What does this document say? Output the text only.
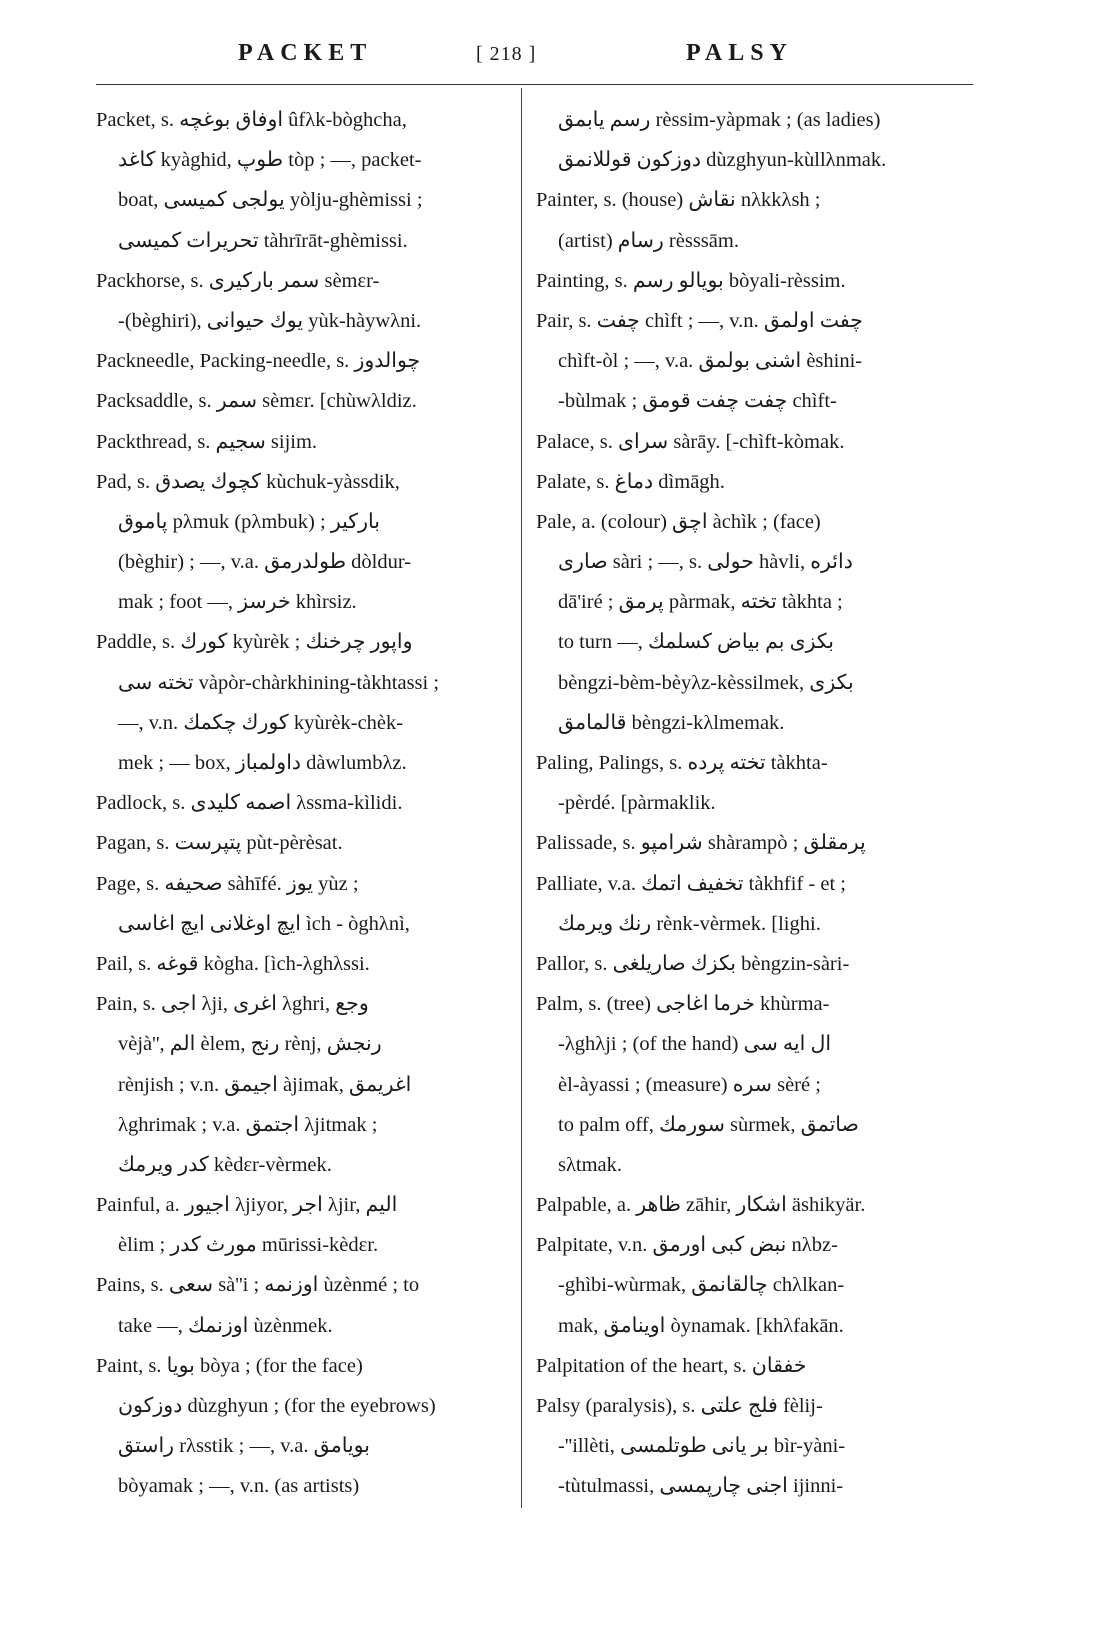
PACKET	[ 218 ]	PALSY
Packet, s. اوفاق بوغچه ûfλk-bòghcha,
كاغد kyàghid, طوپ tòp ; —, packet-
boat, يولجی كميسی yòlju-ghèmissi ;
تحريرات كميسی tàhrīrāt-ghèmissi.
Packhorse, s. سمر باركيری sèmεr-
-(bèghiri), يوك حيوانی yùk-hàywλni.
Packneedle, Packing-needle, s. چوالدوز
Packsaddle, s. سمر sèmεr. [chùwλldiz.
Packthread, s. سجيم sijim.
Pad, s. كچوك يصدق kùchuk-yàssdik,
پاموق pλmuk (pλmbuk) ; باركير
(bèghir) ; —, v.a. طولدرمق dòldur-
mak ; foot —, خرسز khìrsiz.
Paddle, s. كورك kyùrèk ; واپور چرخنك
تخته سی vàpòr-chàrkhining-tàkhtassi ;
—, v.n. كورك چكمك kyùrèk-chèk-
mek ; — box, داولمباز dàwlumbλz.
Padlock, s. اصمه كليدی λssma-kìlidi.
Pagan, s. پتپرست pùt-pèrèsat.
Page, s. صحيفه sàhīfé. يوز yùz ;
ايچ اوغلانی ايچ اغاسی ìch - òghλnì,
Pail, s. قوغه kògha. [ìch-λghλssi.
Pain, s. اجی λji, اغری λghri, وجع
vèjà'', الم èlem, رنج rènj, رنجش
rènjish ; v.n. اجيمق àjimak, اغريمق
λghrimak ; v.a. اجتمق λjitmak ;
كدر ويرمك kèdεr-vèrmek.
Painful, a. اجيور λjiyor, اجر λjir, اليم
èlim ; مورث كدر mūrissi-kèdεr.
Pains, s. سعی sà''i ; اوزنمه ùzènmé ; to
take —, اوزنمك ùzènmek.
Paint, s. بويا bòya ; (for the face)
دوزكون dùzghyun ; (for the eyebrows)
راستق rλsstik ; —, v.a. بويامق
bòyamak ; —, v.n. (as artists)
رسم يابمق rèssim-yàpmak ; (as ladies)
دوزكون قوللانمق dùzghyun-kùllλnmak.
Painter, s. (house) نقاش nλkkλsh ;
(artist) رسام rèsssām.
Painting, s. بويالو رسم bòyali-rèssim.
Pair, s. چفت chìft ; —, v.n. چفت اولمق
chìft-òl ; —, v.a. اشنی بولمق èshini-
-bùlmak ; چفت چفت قومق chìft-
Palace, s. سرای sàrāy. [-chìft-kòmak.
Palate, s. دماغ dìmāgh.
Pale, a. (colour) اچق àchìk ; (face)
صاری sàri ; —, s. حولی hàvli, دائره
dā'iré ; پرمق pàrmak, تخته tàkhta ;
to turn —, بكزی بم بياض كسلمك
bèngzi-bèm-bèyλz-kèssilmek, بكزی
قالمامق bèngzi-kλlmemak.
Paling, Palings, s. تخته پرده tàkhta-
-pèrdé. [pàrmaklik.
Palissade, s. شرامپو shàrampò ; پرمقلق
Palliate, v.a. تخفيف اتمك tàkhfif - et ;
رنك ويرمك rènk-vèrmek. [lighi.
Pallor, s. بكزك صاريلغی bèngzin-sàri-
Palm, s. (tree) خرما اغاجی khùrma-
-λghλji ; (of the hand) ال ايه سی
èl-àyassi ; (measure) سره sèré ;
to palm off, سورمك sùrmek, صاتمق
sλtmak.
Palpable, a. ظاهر zāhir, اشكار äshikyär.
Palpitate, v.n. نبض كبی اورمق nλbz-
-ghìbi-wùrmak, چالقانمق chλlkan-
mak, اوينامق òynamak. [khλfakān.
Palpitation of the heart, s. خفقان
Palsy (paralysis), s. فلج علتی fèlij-
-''illèti, بر يانی طوتلمسی bìr-yàni-
-tùtulmassi, اجنی چارپمسی ijinni-
